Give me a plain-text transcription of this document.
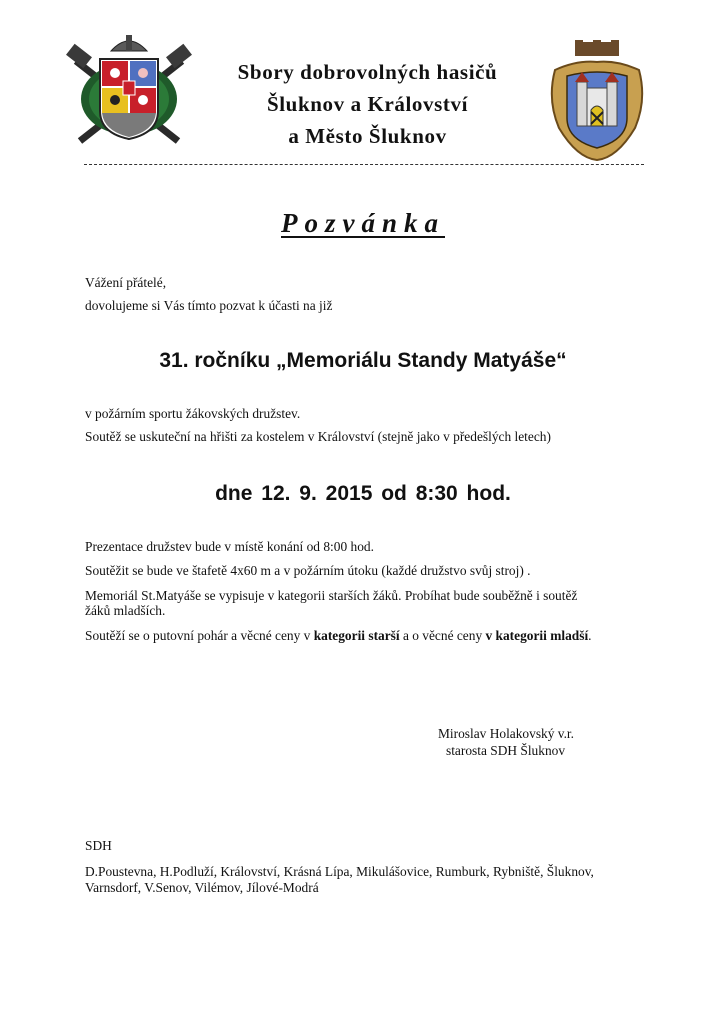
Sbory dobrovolných hasičů
Šluknov a Království
a Město Šluknov
Pozvánka
Vážení přátelé,
dovolujeme si Vás tímto pozvat k účasti na již
31. ročníku „Memoriálu Standy Matyáše“
v požárním sportu žákovských družstev.
Soutěž se uskuteční na hřišti za kostelem v Království (stejně jako v předešlých letech)
dne 12. 9. 2015 od 8:30 hod.
Prezentace družstev bude v místě konání od 8:00 hod.
Soutěžit se bude ve štafetě 4x60 m a v požárním útoku (každé družstvo svůj stroj) .
Memoriál St.Matyáše se vypisuje v kategorii starších žáků. Probíhat bude souběžně i soutěž
žáků mladších.
Soutěží se o putovní pohár a věcné ceny v kategorii starší a o věcné ceny v kategorii mladší.
Miroslav Holakovský v.r.
starosta SDH Šluknov
SDH
D.Poustevna, H.Podluží, Království, Krásná Lípa, Mikulášovice, Rumburk, Rybniště, Šluknov,
Varnsdorf, V.Senov, Vilémov, Jílové-Modrá
